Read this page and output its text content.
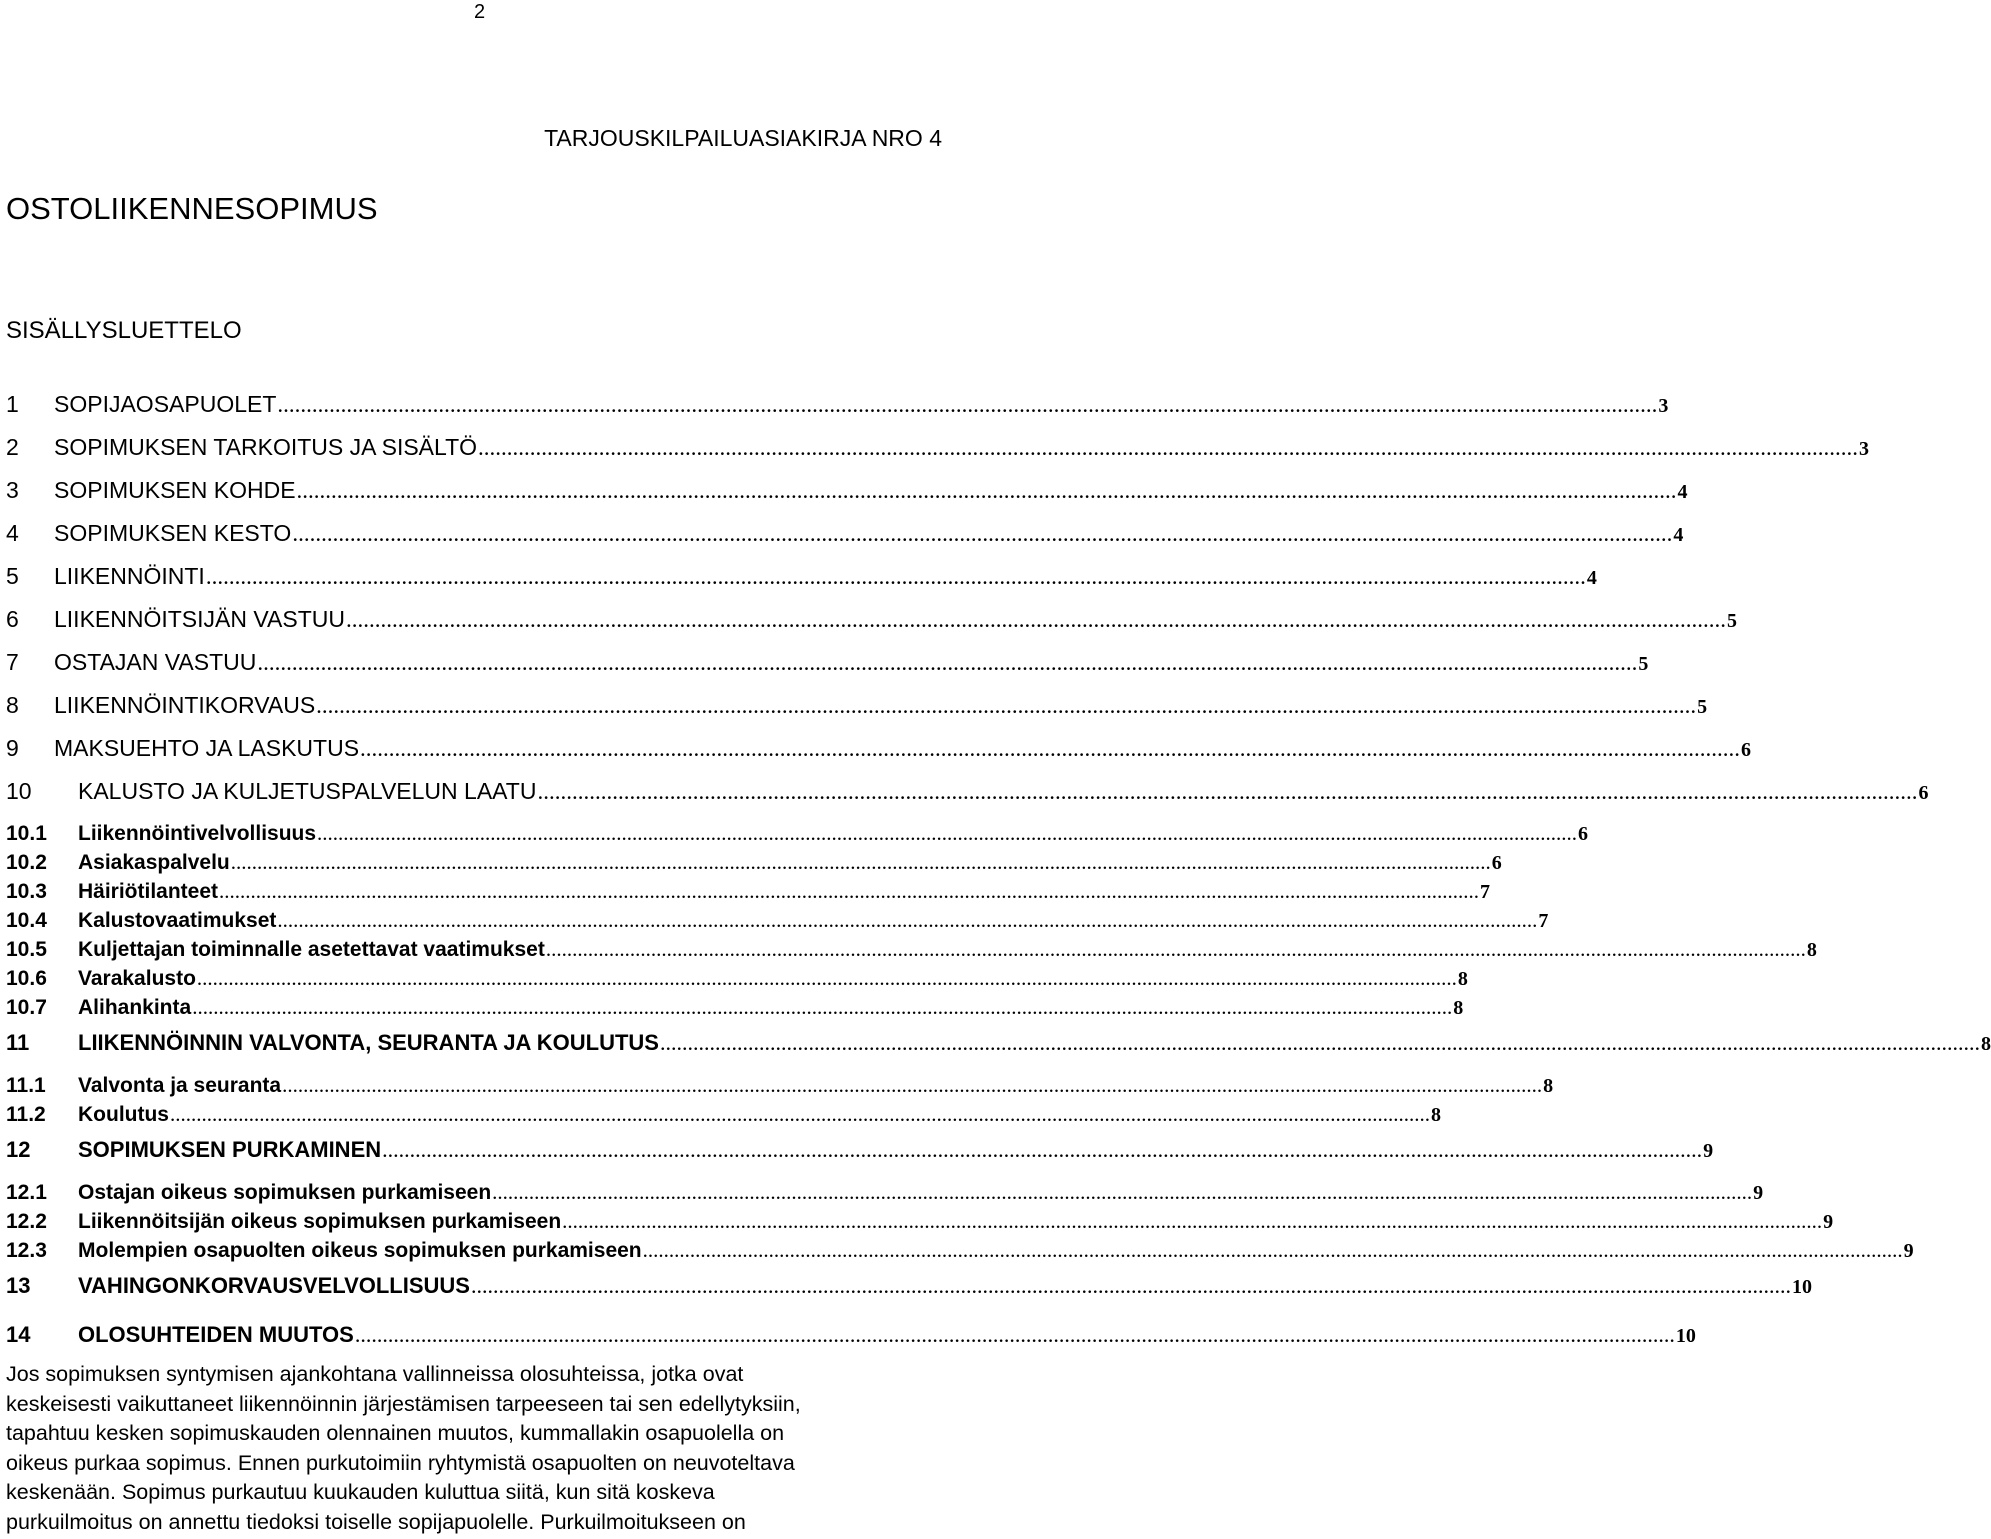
2
TARJOUSKILPAILUASIAKIRJA NRO 4
OSTOLIIKENNESOPIMUS
SISÄLLYSLUETTELO
1	SOPIJAOSAPUOLET .....	3
2	SOPIMUKSEN TARKOITUS JA SISÄLTÖ .....	3
3	SOPIMUKSEN KOHDE .....	4
4	SOPIMUKSEN KESTO .....	4
5	LIIKENNÖINTI .....	4
6	LIIKENNÖITSIJÄN VASTUU .....	5
7	OSTAJAN VASTUU .....	5
8	LIIKENNÖINTIKORVAUS .....	5
9	MAKSUEHTO JA LASKUTUS .....	6
10	KALUSTO JA KULJETUSPALVELUN LAATU .....	6
10.1	Liikennöintivelvollisuus .....	6
10.2	Asiakaspalvelu .....	6
10.3	Häiriötilanteet .....	7
10.4	Kalustovaatimukset .....	7
10.5	Kuljettajan toiminnalle asetettavat vaatimukset .....	8
10.6	Varakalusto .....	8
10.7	Alihankinta .....	8
11	LIIKENNÖINNIN VALVONTA, SEURANTA JA KOULUTUS .....	8
11.1	Valvonta ja seuranta .....	8
11.2	Koulutus .....	8
12	SOPIMUKSEN PURKAMINEN .....	9
12.1	Ostajan oikeus sopimuksen purkamiseen .....	9
12.2	Liikennöitsijän oikeus sopimuksen purkamiseen .....	9
12.3	Molempien osapuolten oikeus sopimuksen purkamiseen .....	9
13	VAHINGONKORVAUSVELVOLLISUUS .....	10
14	OLOSUHTEIDEN MUUTOS .....	10
Jos sopimuksen syntymisen ajankohtana vallinneissa olosuhteissa, jotka ovat
keskeisesti vaikuttaneet liikennöinnin järjestämisen tarpeeseen tai sen edellytyksiin,
tapahtuu kesken sopimuskauden olennainen muutos, kummallakin osapuolella on
oikeus purkaa sopimus. Ennen purkutoimiin ryhtymistä osapuolten on neuvoteltava
keskenään. Sopimus purkautuu kuukauden kuluttua siitä, kun sitä koskeva
purkuilmoitus on annettu tiedoksi toiselle sopijapuolelle. Purkuilmoitukseen on
